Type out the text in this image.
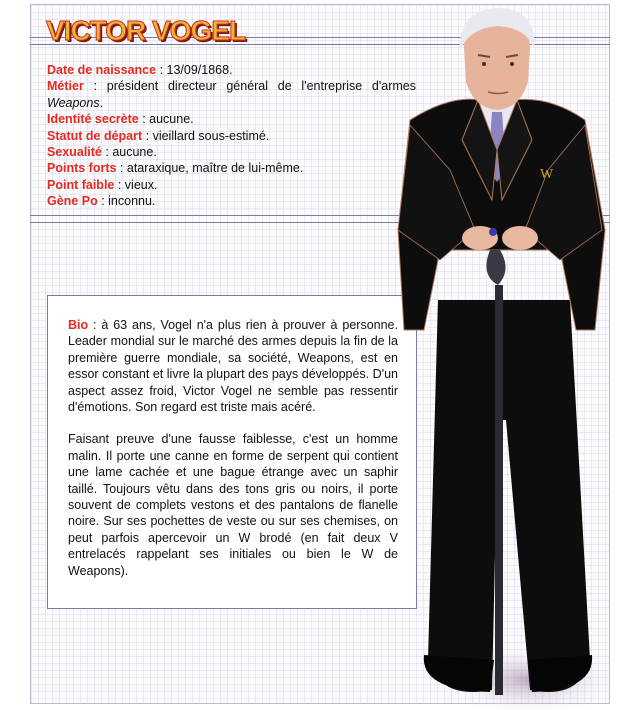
VICTOR VOGEL

Date de naissance : 13/09/1868.

Métier : président directeur général de l'entreprise d'armes Weapons.

Identité secrète : aucune.

Statut de départ : vieillard sous-estimé.

Sexualité : aucune.

Points forts : ataraxique, maître de lui-même.

Point faible : vieux.

Gène Po : inconnu.

Bio : à 63 ans, Vogel n'a plus rien à prouver à personne. Leader mondial sur le marché des armes depuis la fin de la première guerre mondiale, sa société, Weapons, est en essor constant et livre la plupart des pays développés. D'un aspect assez froid, Victor Vogel ne semble pas ressentir d'émotions. Son regard est triste mais acéré.

Faisant preuve d'une fausse faiblesse, c'est un homme malin. Il porte une canne en forme de serpent qui contient une lame cachée et une bague étrange avec un saphir taillé. Toujours vêtu dans des tons gris ou noirs, il porte souvent de complets vestons et des pantalons de flanelle noire. Sur ses pochettes de veste ou sur ses chemises, on peut parfois apercevoir un W brodé (en fait deux V entrelacés rappelant ses initiales ou bien le W de Weapons).

W
